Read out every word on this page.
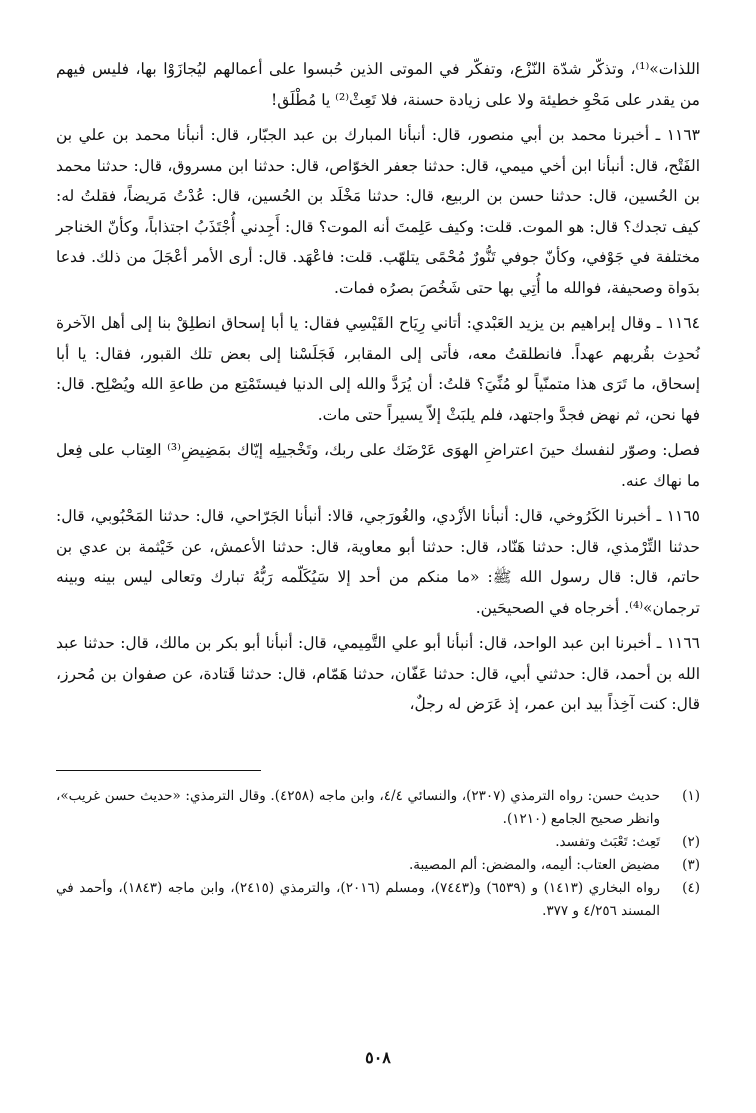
اللذات»⁽¹⁾، وتذكّر شدّة النّزْع، وتفكّر في الموتى الذين حُبسوا على أعمالهم ليُجازَوْا بها، فليس فيهم من يقدر على مَحْوِ خطيئة ولا على زيادة حسنة، فلا تَعِثْ⁽²⁾ يا مُطْلَق!

١١٦٣ ـ أخبرنا محمد بن أبي منصور، قال: أنبأنا المبارك بن عبد الجبّار، قال: أنبأنا محمد بن علي بن الفَتْح، قال: أنبأنا ابن أخي ميمي، قال: حدثنا جعفر الخوّاص، قال: حدثنا ابن مسروق، قال: حدثنا محمد بن الحُسين، قال: حدثنا حسن بن الربيع، قال: حدثنا مَخْلَد بن الحُسين، قال: عُدْتُ مَريضاً، فقلتُ له: كيف تجدك؟ قال: هو الموت. قلت: وكيف عَلِمتَ أنه الموت؟ قال: أَجِدني أُجْتَذَبُ اجتذاباً، وكأنّ الخناجر مختلفة في جَوْفي، وكأنّ جوفي تَنُّورٌ مُحْمًى يتلهّب. قلت: فاعْهَد. قال: أرى الأمر أعْجَلَ من ذلك. فدعا بدَواة وصحيفة، فوالله ما أُتِي بها حتى شَخُصَ بصرُه فمات.

١١٦٤ ـ وقال إبراهيم بن يزيد العَبْدي: أتاني رِيَاح القَيْسِي فقال: يا أبا إسحاق انطلِقْ بنا إلى أهل الآخرة نُحدِث بقُربهم عهداً. فانطلقتُ معه، فأتى إلى المقابر، فَجَلَسْنا إلى بعض تلك القبور، فقال: يا أبا إسحاق، ما تَرَى هذا متمنّياً لو مُنِّيَ؟ قلتُ: أن يُرَدَّ والله إلى الدنيا فيستَمْتِع من طاعةِ الله ويُصْلِح. قال: فها نحن، ثم نهض فجدَّ واجتهد، فلم يلبَثْ إلاّ يسيراً حتى مات.

فصل: وصوّر لنفسك حينَ اعتراضِ الهوَى عَرْضَك على ربك، وتَخْجيلِه إيّاك بمَضِيضِ⁽³⁾ العِتاب على فِعل ما نهاك عنه.

١١٦٥ ـ أخبرنا الكَرُوخي، قال: أنبأنا الأزْدي، والغُورَجي، قالا: أنبأنا الجَرّاحي، قال: حدثنا المَحْبُوبي، قال: حدثنا التِّرْمذي، قال: حدثنا هَنّاد، قال: حدثنا أبو معاوية، قال: حدثنا الأعمش، عن خَيْثمة بن عدي بن حاتم، قال: قال رسول الله ﷺ: «ما منكم من أحد إلا سَيُكَلّمه رَبُّهُ تبارك وتعالى ليس بينه وبينه ترجمان»⁽⁴⁾. أخرجاه في الصحيحَين.

١١٦٦ ـ أخبرنا ابن عبد الواحد، قال: أنبأنا أبو علي التَّمِيمي، قال: أنبأنا أبو بكر بن مالك، قال: حدثنا عبد الله بن أحمد، قال: حدثني أبي، قال: حدثنا عَفّان، حدثنا هَمّام، قال: حدثنا قَتادة، عن صفوان بن مُحرز، قال: كنت آخِذاً بيد ابن عمر، إذ عَرَض له رجلٌ،

(١)
حديث حسن: رواه الترمذي (٢٣٠٧)، والنسائي ٤/٤، وابن ماجه (٤٢٥٨). وقال الترمذي: «حديث حسن غريب»، وانظر صحيح الجامع (١٢١٠).
(٢)
تَعِث: تَعْبَث وتفسد.
(٣)
مضيض العتاب: أليمه، والمضض: ألم المصيبة.
(٤)
رواه البخاري (١٤١٣) و (٦٥٣٩) و(٧٤٤٣)، ومسلم (٢٠١٦)، والترمذي (٢٤١٥)، وابن ماجه (١٨٤٣)، وأحمد في المسند ٤/٢٥٦ و ٣٧٧.
٥٠٨
